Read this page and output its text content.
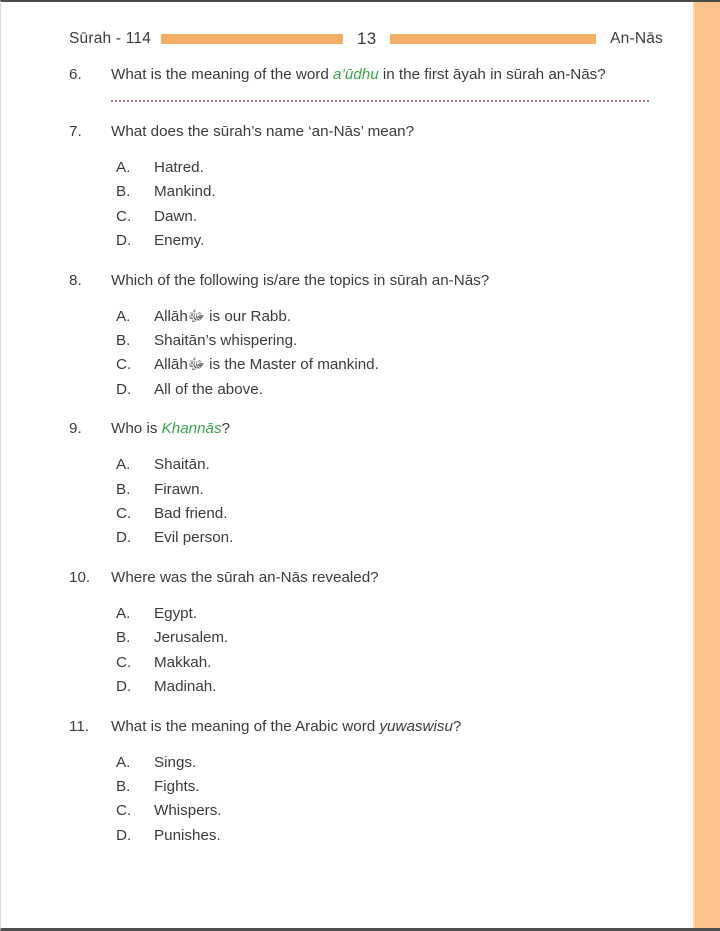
Sūrah - 114	13	An-Nās
6.	What is the meaning of the word a’ūdhu in the first āyah in sūrah an-Nās?
7.	What does the sūrah’s name ‘an-Nās’ mean?
A.	Hatred.
B.	Mankind.
C.	Dawn.
D.	Enemy.
8.	Which of the following is/are the topics in sūrah an-Nās?
A.	Allāhﷻ is our Rabb.
B.	Shaitān’s whispering.
C.	Allāhﷻ is the Master of mankind.
D.	All of the above.
9.	Who is Khannās?
A.	Shaitān.
B.	Firawn.
C.	Bad friend.
D.	Evil person.
10.	Where was the sūrah an-Nās revealed?
A.	Egypt.
B.	Jerusalem.
C.	Makkah.
D.	Madinah.
11.	What is the meaning of the Arabic word yuwaswisu?
A.	Sings.
B.	Fights.
C.	Whispers.
D.	Punishes.
